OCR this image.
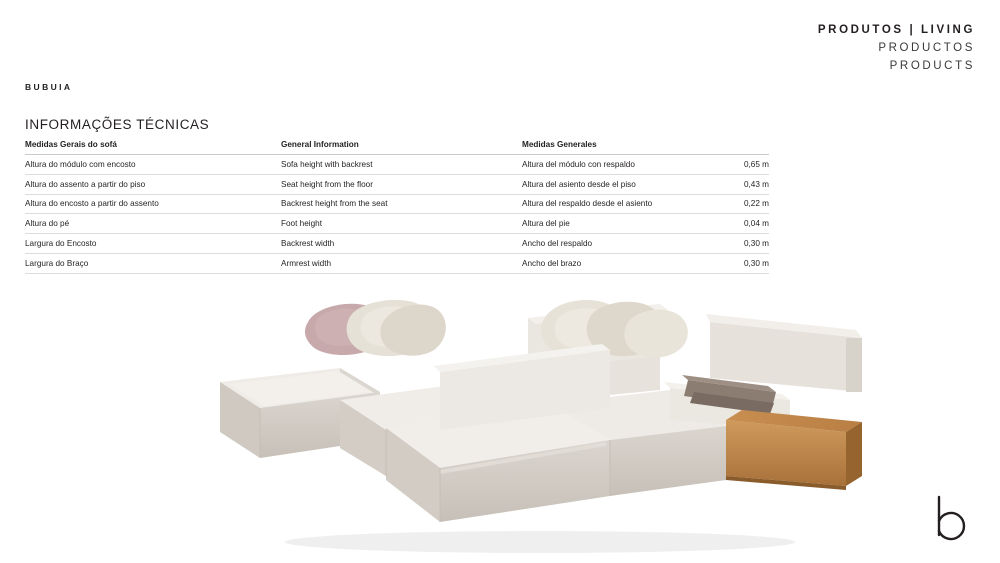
PRODUTOS | LIVING
PRODUCTOS
PRODUCTS
BUBUIA
INFORMAÇÕES TÉCNICAS
Medidas Gerais do sofá	General Information	Medidas Generales	
Altura do módulo com encosto	Sofa height with backrest	Altura del módulo con respaldo	0,65 m
Altura do assento a partir do piso	Seat height from the floor	Altura del asiento desde el piso	0,43 m
Altura do encosto a partir do assento	Backrest height from the seat	Altura del respaldo desde el asiento	0,22 m
Altura do pé	Foot height	Altura del pie	0,04 m
Largura do Encosto	Backrest width	Ancho del respaldo	0,30 m
Largura do Braço	Armrest width	Ancho del brazo	0,30 m
